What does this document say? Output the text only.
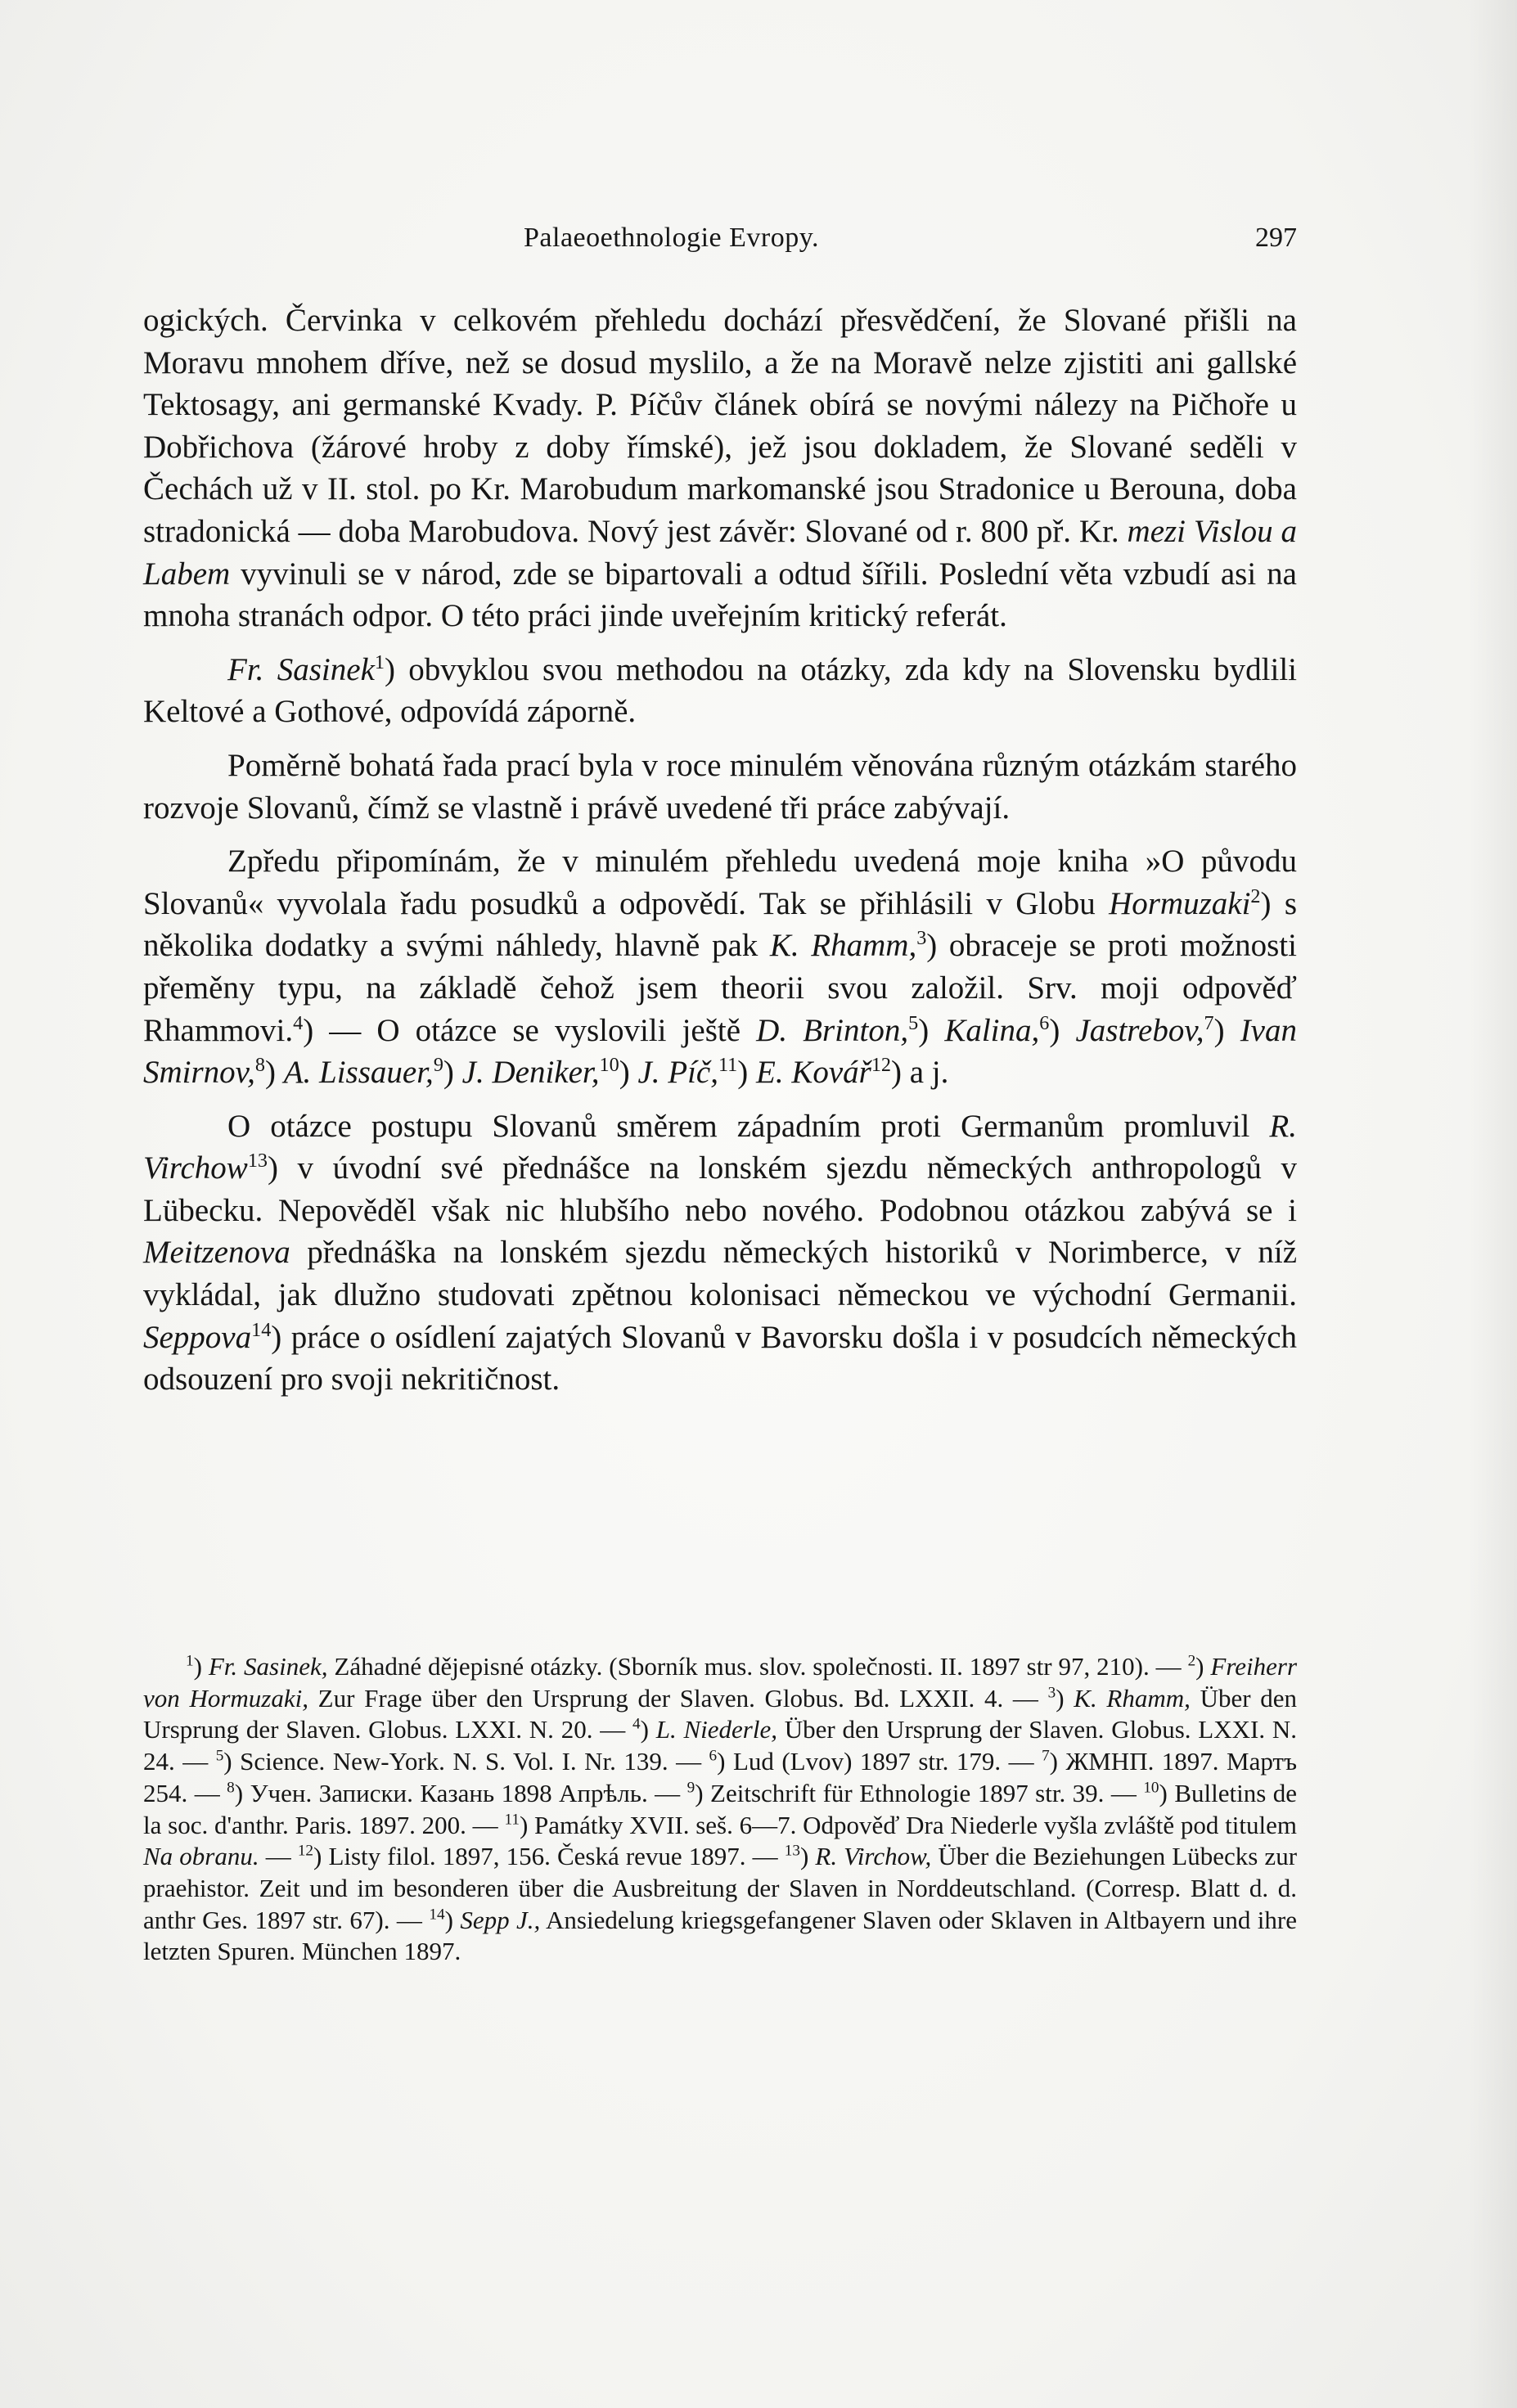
Palaeoethnologie Evropy.	297

ogických. Červinka v celkovém přehledu dochází přesvědčení, že Slované přišli na Moravu mnohem dříve, než se dosud myslilo, a že na Moravě nelze zjistiti ani gallské Tektosagy, ani germanské Kvady. P. Píčův článek obírá se novými nálezy na Pičhoře u Dobřichova (žárové hroby z doby římské), jež jsou dokladem, že Slované seděli v Čechách už v II. stol. po Kr. Marobudum markomanské jsou Stradonice u Berouna, doba stradonická — doba Marobudova. Nový jest závěr: Slované od r. 800 př. Kr. mezi Vislou a Labem vyvinuli se v národ, zde se bipartovali a odtud šířili. Poslední věta vzbudí asi na mnoha stranách odpor. O této práci jinde uveřejním kritický referát.

Fr. Sasinek$^1$) obvyklou svou methodou na otázky, zda kdy na Slovensku bydlili Keltové a Gothové, odpovídá záporně.

Poměrně bohatá řada prací byla v roce minulém věnována různým otázkám starého rozvoje Slovanů, čímž se vlastně i právě uvedené tři práce zabývají.

Zpředu připomínám, že v minulém přehledu uvedená moje kniha »O původu Slovanů« vyvolala řadu posudků a odpovědí. Tak se přihlásili v Globu Hormuzaki$^2$) s několika dodatky a svými náhledy, hlavně pak K. Rhamm,$^3$) obraceje se proti možnosti přeměny typu, na základě čehož jsem theorii svou založil. Srv. moji odpověď Rhammovi.$^4$) — O otázce se vyslovili ještě D. Brinton,$^5$) Kalina,$^6$) Jastrebov,$^7$) Ivan Smirnov,$^8$) A. Lissauer,$^9$) J. Deniker,$^{10}$) J. Píč,$^{11}$) E. Kovář$^{12}$) a j.

O otázce postupu Slovanů směrem západním proti Germanům promluvil R. Virchow$^{13}$) v úvodní své přednášce na lonském sjezdu německých anthropologů v Lübecku. Nepověděl však nic hlubšího nebo nového. Podobnou otázkou zabývá se i Meitzenova přednáška na lonském sjezdu německých historiků v Norimberce, v níž vykládal, jak dlužno studovati zpětnou kolonisaci německou ve východní Germanii. Seppova$^{14}$) práce o osídlení zajatých Slovanů v Bavorsku došla i v posudcích německých odsouzení pro svoji nekritičnost.

$^1$) Fr. Sasinek, Záhadné dějepisné otázky. (Sborník mus. slov. společnosti. II. 1897 str 97, 210). — $^2$) Freiherr von Hormuzaki, Zur Frage über den Ursprung der Slaven. Globus. Bd. LXXII. 4. — $^3$) K. Rhamm, Über den Ursprung der Slaven. Globus. LXXI. N. 20. — $^4$) L. Niederle, Über den Ursprung der Slaven. Globus. LXXI. N. 24. — $^5$) Science. New-York. N. S. Vol. I. Nr. 139. — $^6$) Lud (Lvov) 1897 str. 179. — $^7$) ЖМНП. 1897. Мартъ 254. — $^8$) Учен. Записки. Казань 1898 Апрѣль. — $^9$) Zeitschrift für Ethnologie 1897 str. 39. — $^{10}$) Bulletins de la soc. d'anthr. Paris. 1897. 200. — $^{11}$) Památky XVII. seš. 6—7. Odpověď Dra Niederle vyšla zvláště pod titulem Na obranu. — $^{12}$) Listy filol. 1897, 156. Česká revue 1897. — $^{13}$) R. Virchow, Über die Beziehungen Lübecks zur praehistor. Zeit und im besonderen über die Ausbreitung der Slaven in Norddeutschland. (Corresp. Blatt d. d. anthr Ges. 1897 str. 67). — $^{14}$) Sepp J., Ansiedelung kriegsgefangener Slaven oder Sklaven in Altbayern und ihre letzten Spuren. München 1897.
